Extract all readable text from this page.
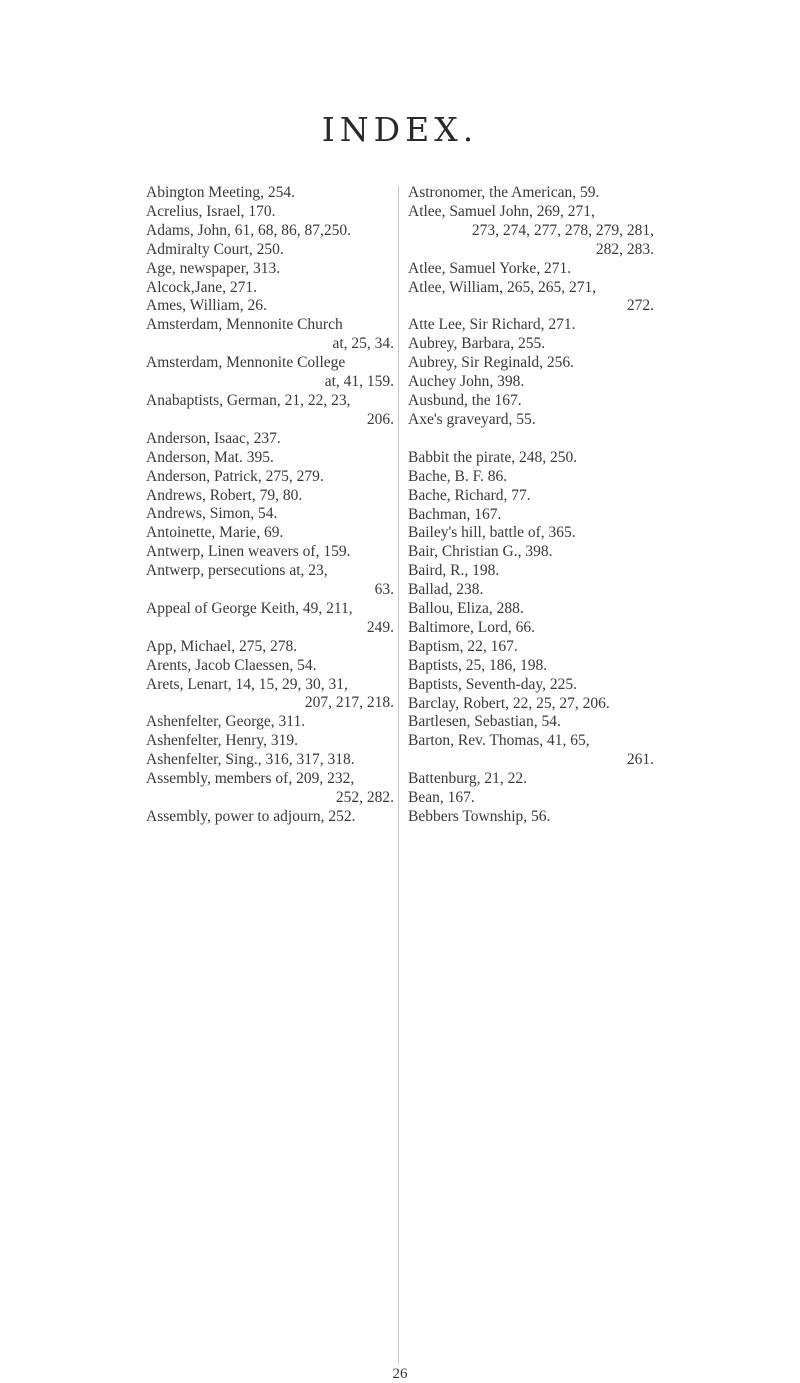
INDEX.
Abington Meeting, 254.
Acrelius, Israel, 170.
Adams, John, 61, 68, 86, 87,250.
Admiralty Court, 250.
Age, newspaper, 313.
Alcock,Jane, 271.
Ames, William, 26.
Amsterdam, Mennonite Church
at, 25, 34.
Amsterdam, Mennonite College
at, 41, 159.
Anabaptists, German, 21, 22, 23,
206.
Anderson, Isaac, 237.
Anderson, Mat. 395.
Anderson, Patrick, 275, 279.
Andrews, Robert, 79, 80.
Andrews, Simon, 54.
Antoinette, Marie, 69.
Antwerp, Linen weavers of, 159.
Antwerp, persecutions at, 23,
63.
Appeal of George Keith, 49, 211,
249.
App, Michael, 275, 278.
Arents, Jacob Claessen, 54.
Arets, Lenart, 14, 15, 29, 30, 31,
207, 217, 218.
Ashenfelter, George, 311.
Ashenfelter, Henry, 319.
Ashenfelter, Sing., 316, 317, 318.
Assembly, members of, 209, 232,
252, 282.
Assembly, power to adjourn, 252.
Astronomer, the American, 59.
Atlee, Samuel John, 269, 271,
273, 274, 277, 278, 279, 281,
282, 283.
Atlee, Samuel Yorke, 271.
Atlee, William, 265, 265, 271,
272.
Atte Lee, Sir Richard, 271.
Aubrey, Barbara, 255.
Aubrey, Sir Reginald, 256.
Auchey John, 398.
Ausbund, the 167.
Axe's graveyard, 55.
Babbit the pirate, 248, 250.
Bache, B. F. 86.
Bache, Richard, 77.
Bachman, 167.
Bailey's hill, battle of, 365.
Bair, Christian G., 398.
Baird, R., 198.
Ballad, 238.
Ballou, Eliza, 288.
Baltimore, Lord, 66.
Baptism, 22, 167.
Baptists, 25, 186, 198.
Baptists, Seventh-day, 225.
Barclay, Robert, 22, 25, 27, 206.
Bartlesen, Sebastian, 54.
Barton, Rev. Thomas, 41, 65,
261.
Battenburg, 21, 22.
Bean, 167.
Bebbers Township, 56.
26
